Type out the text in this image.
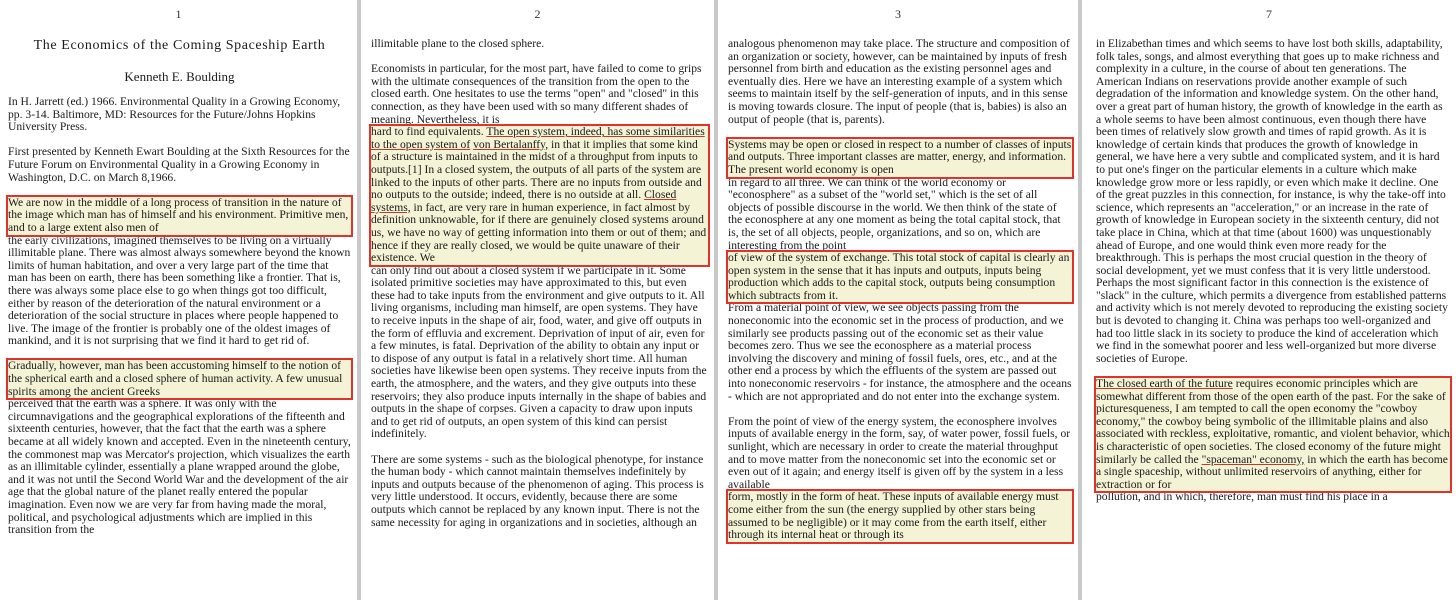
1
The Economics of the Coming Spaceship Earth
Kenneth E. Boulding

In H. Jarrett (ed.) 1966. Environmental Quality in a Growing Economy, pp. 3-14. Baltimore, MD: Resources for the Future/Johns Hopkins University Press.

First presented by Kenneth Ewart Boulding at the Sixth Resources for the Future Forum on Environmental Quality in a Growing Economy in Washington, D.C. on March 8,1966.

We are now in the middle of a long process of transition in the nature of the image which man has of himself and his environment. Primitive men, and to a large extent also men of
the early civilizations, imagined themselves to be living on a virtually illimitable plane. There was almost always somewhere beyond the known limits of human habitation, and over a very large part of the time that man has been on earth, there has been something like a frontier. That is, there was always some place else to go when things got too difficult, either by reason of the deterioration of the natural environment or a deterioration of the social structure in places where people happened to live. The image of the frontier is probably one of the oldest images of mankind, and it is not surprising that we find it hard to get rid of.

Gradually, however, man has been accustoming himself to the notion of the spherical earth and a closed sphere of human activity. A few unusual spirits among the ancient Greeks
perceived that the earth was a sphere. It was only with the circumnavigations and the geographical explorations of the fifteenth and sixteenth centuries, however, that the fact that the earth was a sphere became at all widely known and accepted. Even in the nineteenth century, the commonest map was Mercator's projection, which visualizes the earth as an illimitable cylinder, essentially a plane wrapped around the globe, and it was not until the Second World War and the development of the air age that the global nature of the planet really entered the popular imagination. Even now we are very far from having made the moral, political, and psychological adjustments which are implied in this transition from the

2

illimitable plane to the closed sphere.

Economists in particular, for the most part, have failed to come to grips with the ultimate consequences of the transition from the open to the closed earth. One hesitates to use the terms "open" and "closed" in this connection, as they have been used with so many different shades of meaning. Nevertheless, it is
hard to find equivalents. The open system, indeed, has some similarities to the open system of von Bertalanffy, in that it implies that some kind of a structure is maintained in the midst of a throughput from inputs to outputs.[1] In a closed system, the outputs of all parts of the system are linked to the inputs of other parts. There are no inputs from outside and no outputs to the outside; indeed, there is no outside at all. Closed systems, in fact, are very rare in human experience, in fact almost by definition unknowable, for if there are genuinely closed systems around us, we have no way of getting information into them or out of them; and hence if they are really closed, we would be quite unaware of their existence. We
can only find out about a closed system if we participate in it. Some isolated primitive societies may have approximated to this, but even these had to take inputs from the environment and give outputs to it. All living organisms, including man himself, are open systems. They have to receive inputs in the shape of air, food, water, and give off outputs in the form of effluvia and excrement. Deprivation of input of air, even for a few minutes, is fatal. Deprivation of the ability to obtain any input or to dispose of any output is fatal in a relatively short time. All human societies have likewise been open systems. They receive inputs from the earth, the atmosphere, and the waters, and they give outputs into these reservoirs; they also produce inputs internally in the shape of babies and outputs in the shape of corpses. Given a capacity to draw upon inputs and to get rid of outputs, an open system of this kind can persist indefinitely.

There are some systems - such as the biological phenotype, for instance the human body - which cannot maintain themselves indefinitely by inputs and outputs because of the phenomenon of aging. This process is very little understood. It occurs, evidently, because there are some outputs which cannot be replaced by any known input. There is not the same necessity for aging in organizations and in societies, although an

3

analogous phenomenon may take place. The structure and composition of an organization or society, however, can be maintained by inputs of fresh personnel from birth and education as the existing personnel ages and eventually dies. Here we have an interesting example of a system which seems to maintain itself by the self-generation of inputs, and in this sense is moving towards closure. The input of people (that is, babies) is also an output of people (that is, parents).

Systems may be open or closed in respect to a number of classes of inputs and outputs. Three important classes are matter, energy, and information. The present world economy is open
in regard to all three. We can think of the world economy or "econosphere" as a subset of the "world set," which is the set of all objects of possible discourse in the world. We then think of the state of the econosphere at any one moment as being the total capital stock, that is, the set of all objects, people, organizations, and so on, which are interesting from the point
of view of the system of exchange. This total stock of capital is clearly an open system in the sense that it has inputs and outputs, inputs being production which adds to the capital stock, outputs being consumption which subtracts from it.
From a material point of view, we see objects passing from the noneconomic into the economic set in the process of production, and we similarly see products passing out of the economic set as their value becomes zero. Thus we see the econosphere as a material process involving the discovery and mining of fossil fuels, ores, etc., and at the other end a process by which the effluents of the system are passed out into noneconomic reservoirs - for instance, the atmosphere and the oceans - which are not appropriated and do not enter into the exchange system.

From the point of view of the energy system, the econosphere involves inputs of available energy in the form, say, of water power, fossil fuels, or sunlight, which are necessary in order to create the material throughput and to move matter from the noneconomic set into the economic set or even out of it again; and energy itself is given off by the system in a less available
form, mostly in the form of heat. These inputs of available energy must come either from the sun (the energy supplied by other stars being assumed to be negligible) or it may come from the earth itself, either through its internal heat or through its

7

in Elizabethan times and which seems to have lost both skills, adaptability, folk tales, songs, and almost everything that goes up to make richness and complexity in a culture, in the course of about ten generations. The American Indians on reservations provide another example of such degradation of the information and knowledge system. On the other hand, over a great part of human history, the growth of knowledge in the earth as a whole seems to have been almost continuous, even though there have been times of relatively slow growth and times of rapid growth. As it is knowledge of certain kinds that produces the growth of knowledge in general, we have here a very subtle and complicated system, and it is hard to put one's finger on the particular elements in a culture which make knowledge grow more or less rapidly, or even which make it decline. One of the great puzzles in this connection, for instance, is why the take-off into science, which represents an "acceleration," or an increase in the rate of growth of knowledge in European society in the sixteenth century, did not take place in China, which at that time (about 1600) was unquestionably ahead of Europe, and one would think even more ready for the breakthrough. This is perhaps the most crucial question in the theory of social development, yet we must confess that it is very little understood. Perhaps the most significant factor in this connection is the existence of "slack" in the culture, which permits a divergence from established patterns and activity which is not merely devoted to reproducing the existing society but is devoted to changing it. China was perhaps too well-organized and had too little slack in its society to produce the kind of acceleration which we find in the somewhat poorer and less well-organized but more diverse societies of Europe.

The closed earth of the future requires economic principles which are somewhat different from those of the open earth of the past. For the sake of picturesqueness, I am tempted to call the open economy the "cowboy economy," the cowboy being symbolic of the illimitable plains and also associated with reckless, exploitative, romantic, and violent behavior, which is characteristic of open societies. The closed economy of the future might similarly be called the "spaceman" economy, in which the earth has become a single spaceship, without unlimited reservoirs of anything, either for extraction or for
pollution, and in which, therefore, man must find his place in a
